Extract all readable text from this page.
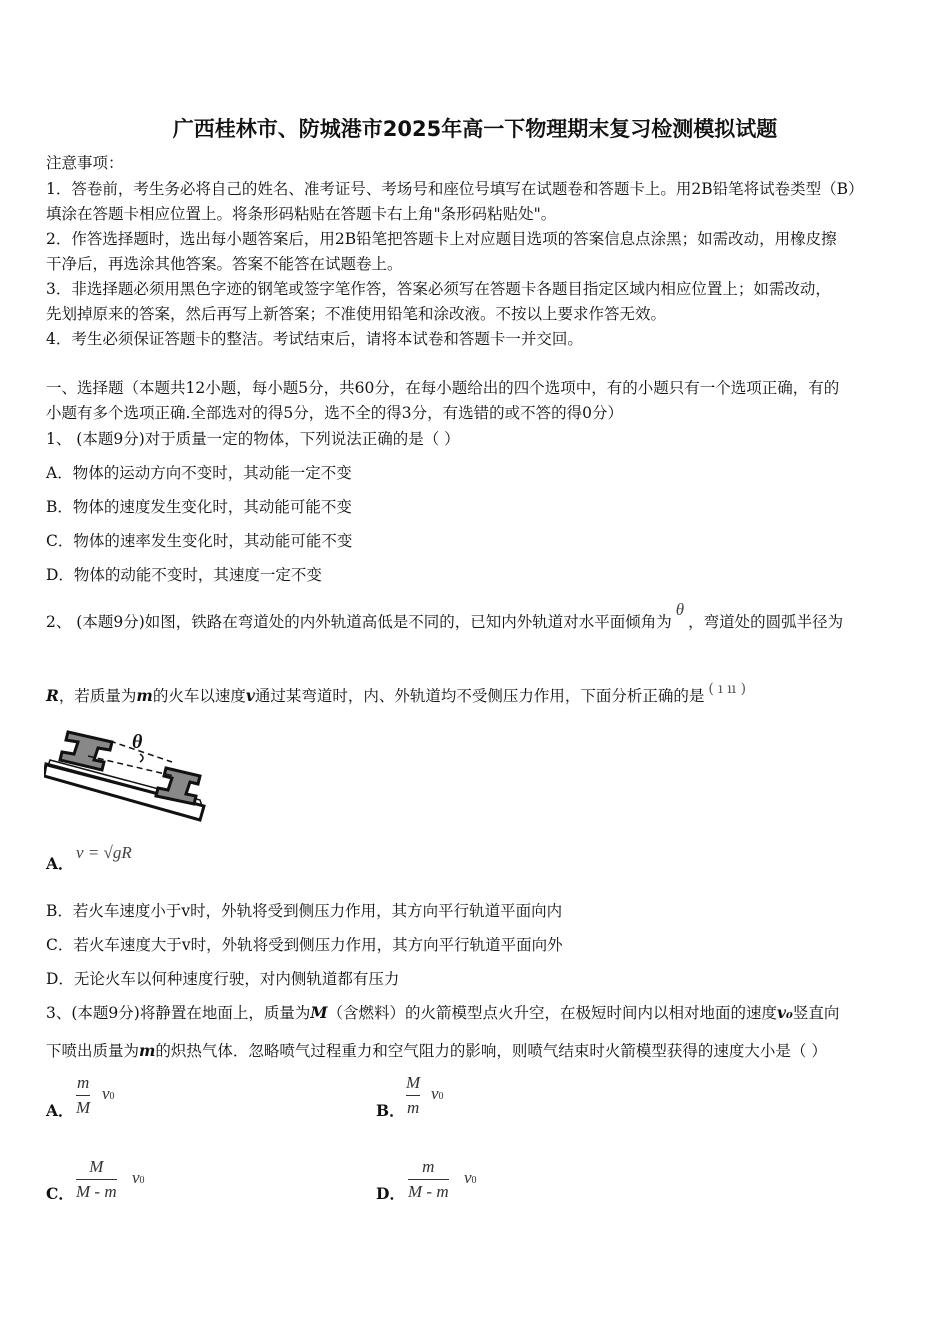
广西桂林市、防城港市2025年高一下物理期末复习检测模拟试题
注意事项：
1．答卷前，考生务必将自己的姓名、准考证号、考场号和座位号填写在试题卷和答题卡上。用2B铅笔将试卷类型（B）
填涂在答题卡相应位置上。将条形码粘贴在答题卡右上角"条形码粘贴处"。
2．作答选择题时，选出每小题答案后，用2B铅笔把答题卡上对应题目选项的答案信息点涂黑；如需改动，用橡皮擦
干净后，再选涂其他答案。答案不能答在试题卷上。
3．非选择题必须用黑色字迹的钢笔或签字笔作答，答案必须写在答题卡各题目指定区域内相应位置上；如需改动，
先划掉原来的答案，然后再写上新答案；不准使用铅笔和涂改液。不按以上要求作答无效。
4．考生必须保证答题卡的整洁。考试结束后，请将本试卷和答题卡一并交回。
一、选择题（本题共12小题，每小题5分，共60分，在每小题给出的四个选项中，有的小题只有一个选项正确，有的
小题有多个选项正确.全部选对的得5分，选不全的得3分，有选错的或不答的得0分）
1、 (本题9分)对于质量一定的物体，下列说法正确的是（ ）
A．物体的运动方向不变时，其动能一定不变
B．物体的速度发生变化时，其动能可能不变
C．物体的速率发生变化时，其动能可能不变
D．物体的动能不变时，其速度一定不变
2、 (本题9分)如图，铁路在弯道处的内外轨道高低是不同的，已知内外轨道对水平面倾角为θ，弯道处的圆弧半径为
R，若质量为m的火车以速度v通过某弯道时，内、外轨道均不受侧压力作用，下面分析正确的是 ( ı ıı )
θ
A．
v = √gR
B．若火车速度小于v时，外轨将受到侧压力作用，其方向平行轨道平面向内
C．若火车速度大于v时，外轨将受到侧压力作用，其方向平行轨道平面向外
D．无论火车以何种速度行驶，对内侧轨道都有压力
3、(本题9分)将静置在地面上，质量为M（含燃料）的火箭模型点火升空，在极短时间内以相对地面的速度v₀竖直向
下喷出质量为m的炽热气体．忽略喷气过程重力和空气阻力的影响，则喷气结束时火箭模型获得的速度大小是（ ）
A．
m
M
v0
B．
M
m
v0
C．
M
M - m
v0
D．
m
M - m
v0
